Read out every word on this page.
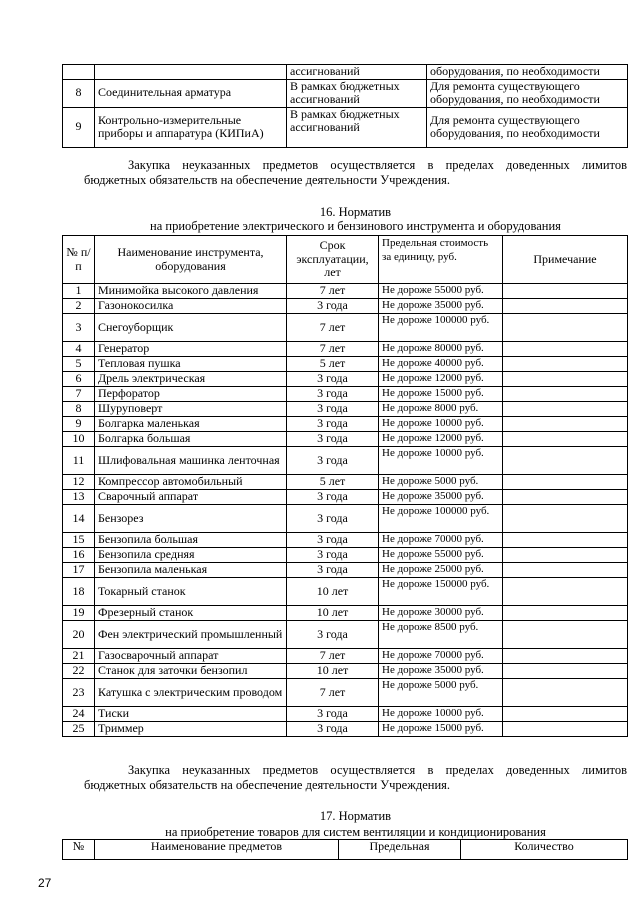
		ассигнований	оборудования, по необходимости
8	Соединительная арматура	В рамках бюджетных ассигнований	Для ремонта существующего оборудования, по необходимости
9	Контрольно-измерительные приборы и аппаратура (КИПиА)	В рамках бюджетных ассигнований	Для ремонта существующего оборудования, по необходимости
Закупка неуказанных предметов осуществляется в пределах доведенных лимитов бюджетных обязательств на обеспечение деятельности Учреждения.
16. Норматив
на приобретение электрического и бензинового инструмента и оборудования
№ п/п	Наименование инструмента, оборудования	Срок эксплуатации, лет	Предельная стоимость за единицу, руб.	Примечание
1	Минимойка высокого давления	7 лет	Не дороже 55000 руб.	
2	Газонокосилка	3 года	Не дороже 35000 руб.	
3	Снегоуборщик	7 лет	Не дороже 100000 руб.	
4	Генератор	7 лет	Не дороже 80000 руб.	
5	Тепловая пушка	5 лет	Не дороже 40000 руб.	
6	Дрель электрическая	3 года	Не дороже 12000 руб.	
7	Перфоратор	3 года	Не дороже 15000 руб.	
8	Шуруповерт	3 года	Не дороже 8000 руб.	
9	Болгарка маленькая	3 года	Не дороже 10000 руб.	
10	Болгарка большая	3 года	Не дороже 12000 руб.	
11	Шлифовальная машинка ленточная	3 года	Не дороже 10000 руб.	
12	Компрессор автомобильный	5 лет	Не дороже 5000 руб.	
13	Сварочный аппарат	3 года	Не дороже 35000 руб.	
14	Бензорез	3 года	Не дороже 100000 руб.	
15	Бензопила большая	3 года	Не дороже 70000 руб.	
16	Бензопила средняя	3 года	Не дороже 55000 руб.	
17	Бензопила маленькая	3 года	Не дороже 25000 руб.	
18	Токарный станок	10 лет	Не дороже 150000 руб.	
19	Фрезерный станок	10 лет	Не дороже 30000 руб.	
20	Фен электрический промышленный	3 года	Не дороже 8500 руб.	
21	Газосварочный аппарат	7 лет	Не дороже 70000 руб.	
22	Станок для заточки бензопил	10 лет	Не дороже 35000 руб.	
23	Катушка с электрическим проводом	7 лет	Не дороже 5000 руб.	
24	Тиски	3 года	Не дороже 10000 руб.	
25	Триммер	3 года	Не дороже 15000 руб.	
Закупка неуказанных предметов осуществляется в пределах доведенных лимитов бюджетных обязательств на обеспечение деятельности Учреждения.
17. Норматив
на приобретение товаров для систем вентиляции и кондиционирования
№	Наименование предметов	Предельная	Количество
27
